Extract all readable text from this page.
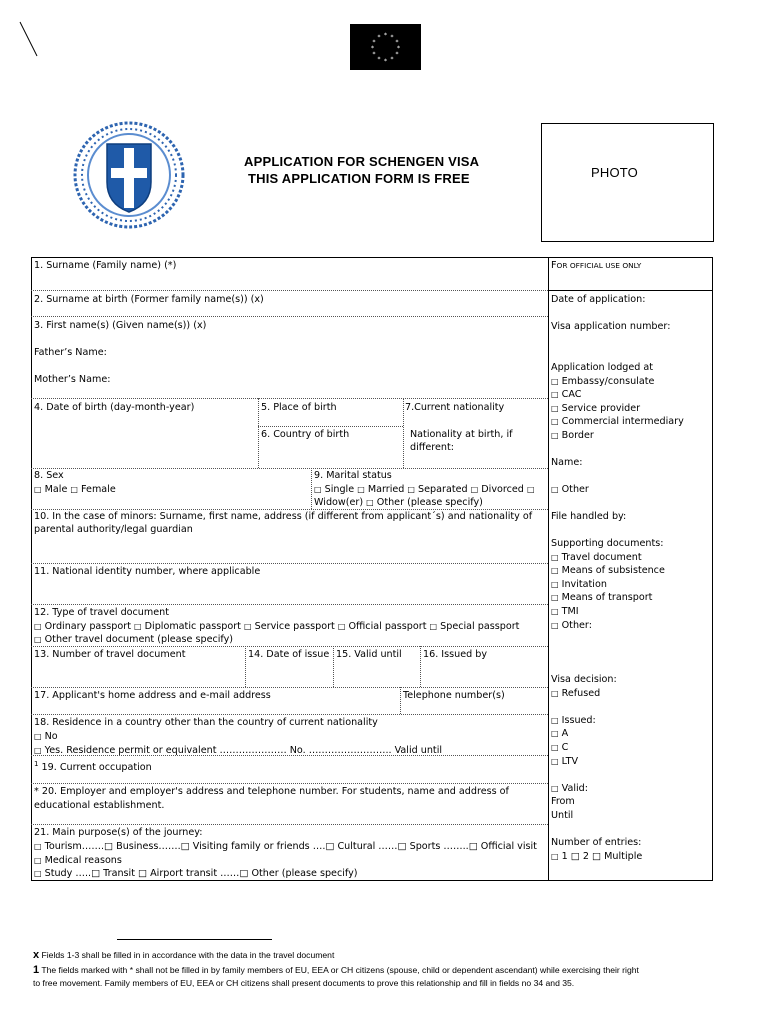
* *
*
*
*
*
*
*
*
*
*
*
APPLICATION FOR SCHENGEN VISA
THIS APPLICATION FORM IS FREE	PHOTO
1. Surname (Family name) (*)
2. Surname at birth (Former family name(s)) (x)
3. First name(s) (Given name(s)) (x)
Father’s Name:
Mother’s Name:
4. Date of birth (day-month-year)	5. Place of birth	7.Current nationality
6. Country of birth	Nationality at birth, if
different:
8. Sex
□ Male □ Female
9. Marital status
□ Single □ Married □ Separated □ Divorced □
Widow(er) □ Other (please specify)
10. In the case of minors: Surname, first name, address (if different from applicant´s) and nationality of
parental authority/legal guardian
11. National identity number, where applicable
12. Type of travel document
□ Ordinary passport □ Diplomatic passport □ Service passport □ Official passport □ Special passport
□ Other travel document (please specify)
13. Number of travel document	14. Date of issue 15. Valid until 16. Issued by
17. Applicant's home address and e-mail address	Telephone number(s)
18. Residence in a country other than the country of current nationality
□ No
□ Yes. Residence permit or equivalent ………………… No. …………………….. Valid until
$^1$ 19. Current occupation
* 20. Employer and employer's address and telephone number. For students, name and address of
educational establishment.
21. Main purpose(s) of the journey:
□ Tourism…….□ Business…….□ Visiting family or friends ….□ Cultural ……□ Sports ……..□ Official visit
□ Medical reasons
□ Study …..□ Transit □ Airport transit ……□ Other (please specify)
FOR OFFICIAL USE ONLY
Date of application:
Visa application number:
Application lodged at
□ Embassy/consulate
□ CAC
□ Service provider
□ Commercial intermediary
□ Border
Name:
□ Other
File handled by:
Supporting documents:
□ Travel document
□ Means of subsistence
□ Invitation
□ Means of transport
□ TMI
□ Other:
Visa decision:
□ Refused
□ Issued:
□ A
□ C
□ LTV
□ Valid:
From
Until
Number of entries:
□ 1 □ 2 □ Multiple
x Fields 1-3 shall be filled in in accordance with the data in the travel document
1 The fields marked with * shall not be filled in by family members of EU, EEA or CH citizens (spouse, child or dependent ascendant) while exercising their right
to free movement. Family members of EU, EEA or CH citizens shall present documents to prove this relationship and fill in fields no 34 and 35.
